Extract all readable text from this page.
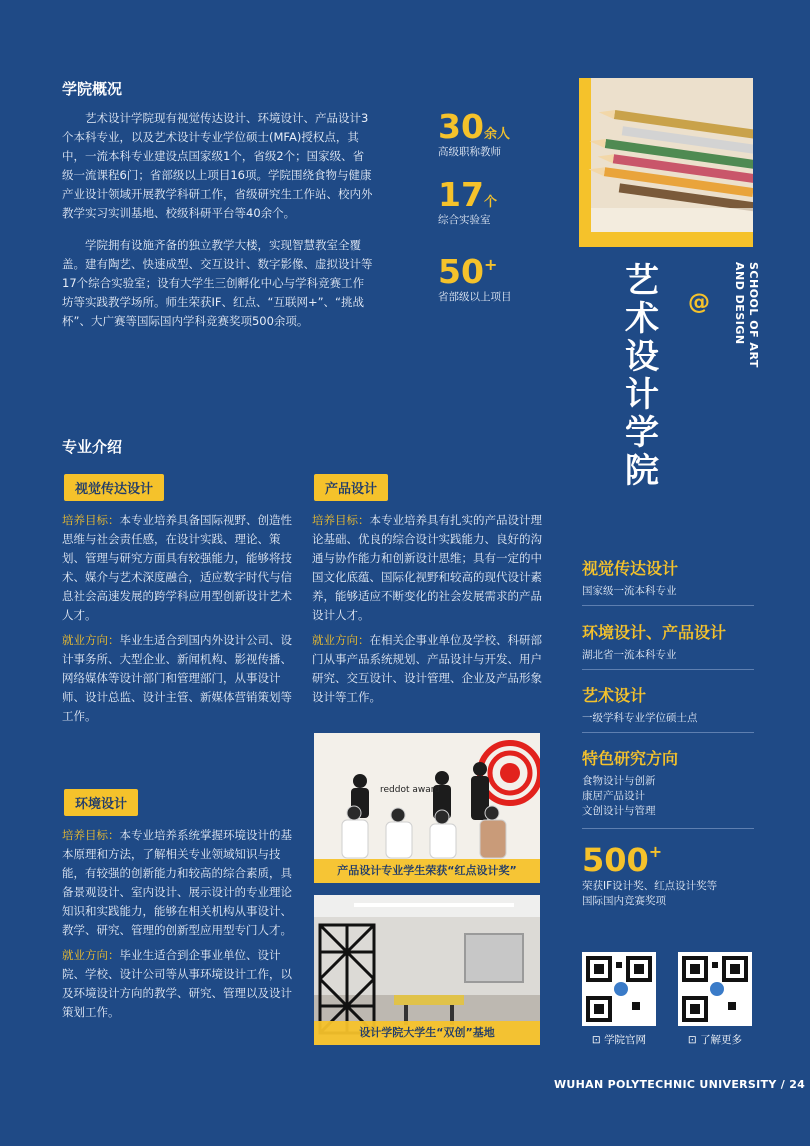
学院概况

艺术设计学院现有视觉传达设计、环境设计、产品设计3个本科专业，以及艺术设计专业学位硕士(MFA)授权点，其中，一流本科专业建设点国家级1个，省级2个；国家级、省级一流课程6门；省部级以上项目16项。学院围绕食物与健康产业设计领域开展教学科研工作，省级研究生工作站、校内外教学实习实训基地、校级科研平台等40余个。

学院拥有设施齐备的独立教学大楼，实现智慧教室全覆盖。建有陶艺、快速成型、交互设计、数字影像、虚拟设计等17个综合实验室；设有大学生三创孵化中心与学科竞赛工作坊等实践教学场所。师生荣获IF、红点、“互联网+”、“挑战杯”、大广赛等国际国内学科竞赛奖项500余项。

30余人
高级职称教师
17个
综合实验室
50+
省部级以上项目	艺术设计学院
@	SCHOOL OF ART
AND DESIGN
专业介绍
视觉传达设计

培养目标：本专业培养具备国际视野、创造性思维与社会责任感，在设计实践、理论、策划、管理与研究方面具有较强能力，能够将技术、媒介与艺术深度融合，适应数字时代与信息社会高速发展的跨学科应用型创新设计艺术人才。

就业方向：毕业生适合到国内外设计公司、设计事务所、大型企业、新闻机构、影视传播、网络媒体等设计部门和管理部门，从事设计师、设计总监、设计主管、新媒体营销策划等工作。

产品设计

培养目标：本专业培养具有扎实的产品设计理论基础、优良的综合设计实践能力、良好的沟通与协作能力和创新设计思维；具有一定的中国文化底蕴、国际化视野和较高的现代设计素养，能够适应不断变化的社会发展需求的产品设计人才。

就业方向：在相关企事业单位及学校、科研部门从事产品系统规划、产品设计与开发、用户研究、交互设计、设计管理、企业及产品形象设计等工作。

环境设计

培养目标：本专业培养系统掌握环境设计的基本原理和方法，了解相关专业领域知识与技能，有较强的创新能力和较高的综合素质，具备景观设计、室内设计、展示设计的专业理论知识和实践能力，能够在相关机构从事设计、教学、研究、管理的创新型应用型专门人才。

就业方向：毕业生适合到企事业单位、设计院、学校、设计公司等从事环境设计工作，以及环境设计方向的教学、研究、管理以及设计策划工作。

reddot award
产品设计专业学生荣获“红点设计奖”
设计学院大学生“双创”基地
视觉传达设计
国家级一流本科专业
环境设计、产品设计
湖北省一流本科专业
艺术设计
一级学科专业学位硕士点
特色研究方向
食物设计与创新
康居产品设计
文创设计与管理
500+
荣获IF设计奖、红点设计奖等
国际国内竞赛奖项
⊡ 学院官网	⊡ 了解更多
WUHAN POLYTECHNIC UNIVERSITY / 24
